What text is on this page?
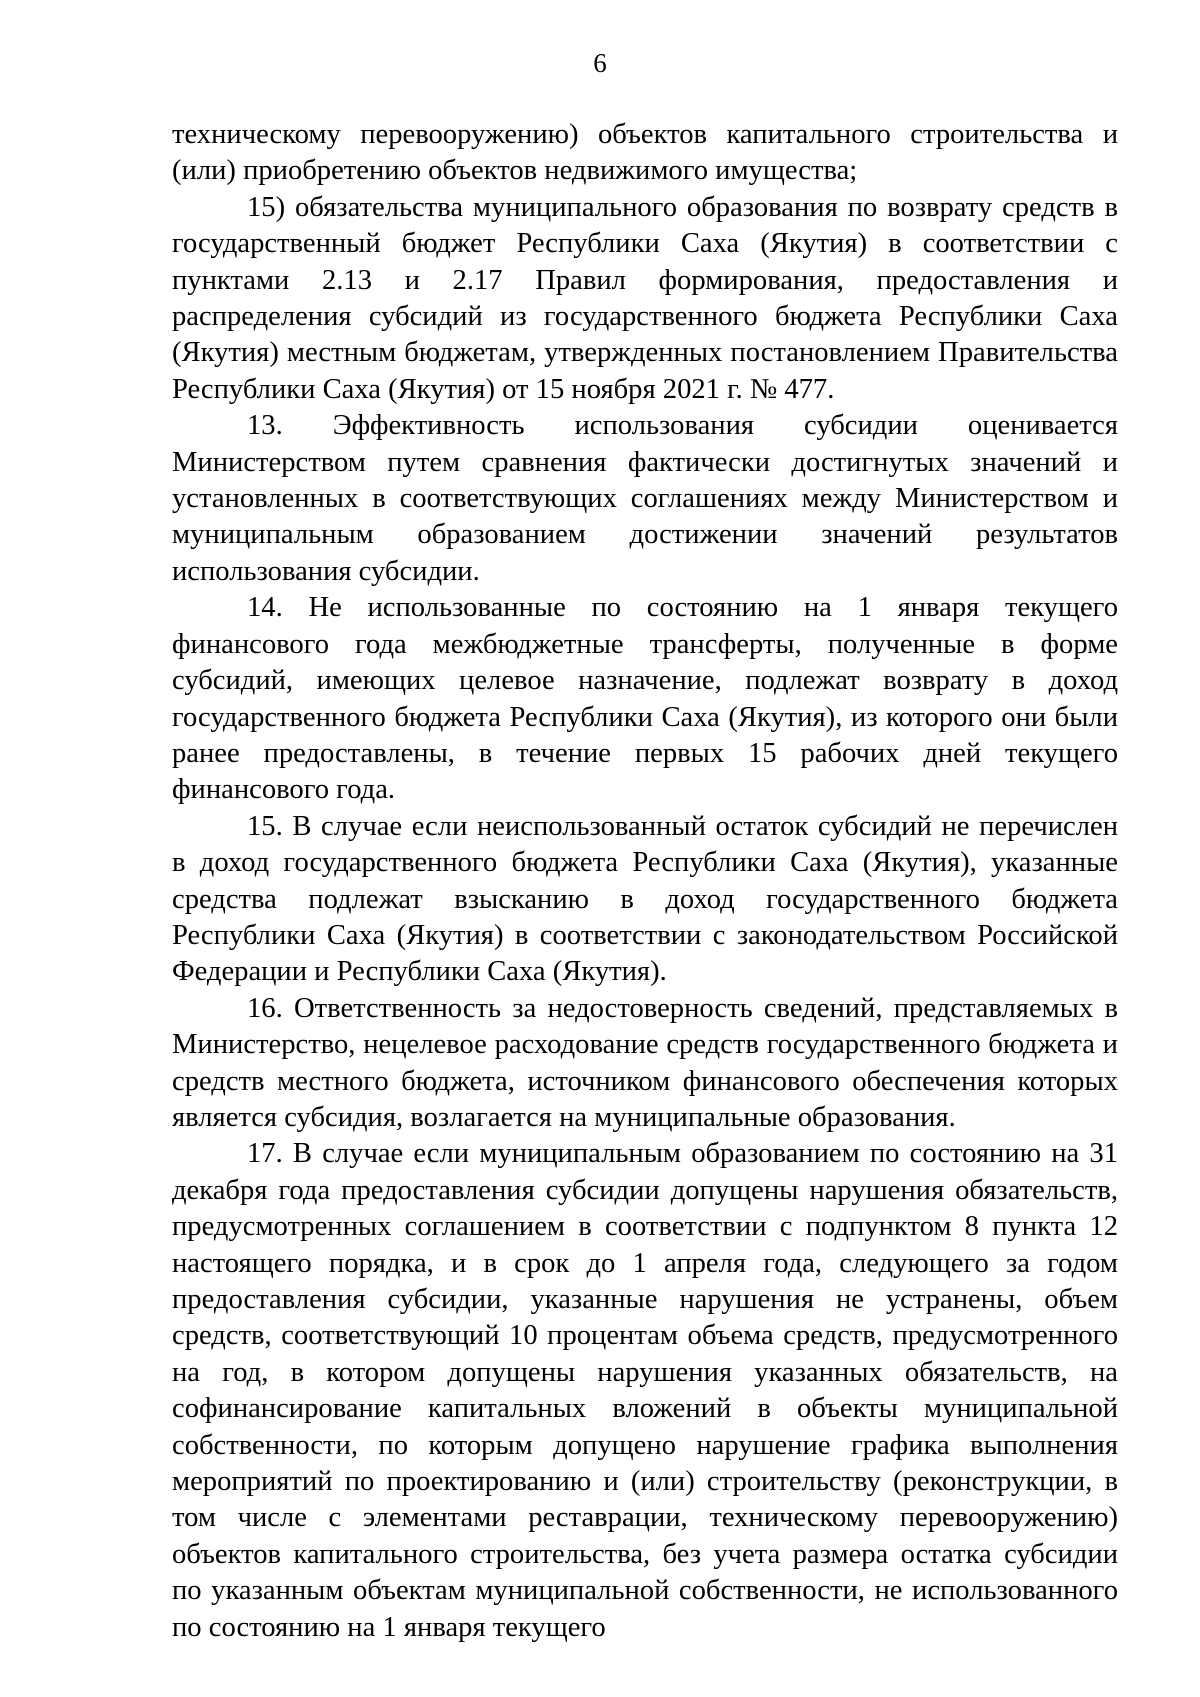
6

техническому перевооружению) объектов капитального строительства и (или) приобретению объектов недвижимого имущества;

15) обязательства муниципального образования по возврату средств в государственный бюджет Республики Саха (Якутия) в соответствии с пунктами 2.13 и 2.17 Правил формирования, предоставления и распределения субсидий из государственного бюджета Республики Саха (Якутия) местным бюджетам, утвержденных постановлением Правительства Республики Саха (Якутия) от 15 ноября 2021 г. № 477.

13. Эффективность использования субсидии оценивается Министерством путем сравнения фактически достигнутых значений и установленных в соответствующих соглашениях между Министерством и муниципальным образованием достижении значений результатов использования субсидии.

14. Не использованные по состоянию на 1 января текущего финансового года межбюджетные трансферты, полученные в форме субсидий, имеющих целевое назначение, подлежат возврату в доход государственного бюджета Республики Саха (Якутия), из которого они были ранее предоставлены, в течение первых 15 рабочих дней текущего финансового года.

15. В случае если неиспользованный остаток субсидий не перечислен в доход государственного бюджета Республики Саха (Якутия), указанные средства подлежат взысканию в доход государственного бюджета Республики Саха (Якутия) в соответствии с законодательством Российской Федерации и Республики Саха (Якутия).

16. Ответственность за недостоверность сведений, представляемых в Министерство, нецелевое расходование средств государственного бюджета и средств местного бюджета, источником финансового обеспечения которых является субсидия, возлагается на муниципальные образования.

17. В случае если муниципальным образованием по состоянию на 31 декабря года предоставления субсидии допущены нарушения обязательств, предусмотренных соглашением в соответствии с подпунктом 8 пункта 12 настоящего порядка, и в срок до 1 апреля года, следующего за годом предоставления субсидии, указанные нарушения не устранены, объем средств, соответствующий 10 процентам объема средств, предусмотренного на год, в котором допущены нарушения указанных обязательств, на софинансирование капитальных вложений в объекты муниципальной собственности, по которым допущено нарушение графика выполнения мероприятий по проектированию и (или) строительству (реконструкции, в том числе с элементами реставрации, техническому перевооружению) объектов капитального строительства, без учета размера остатка субсидии по указанным объектам муниципальной собственности, не использованного по состоянию на 1 января текущего
